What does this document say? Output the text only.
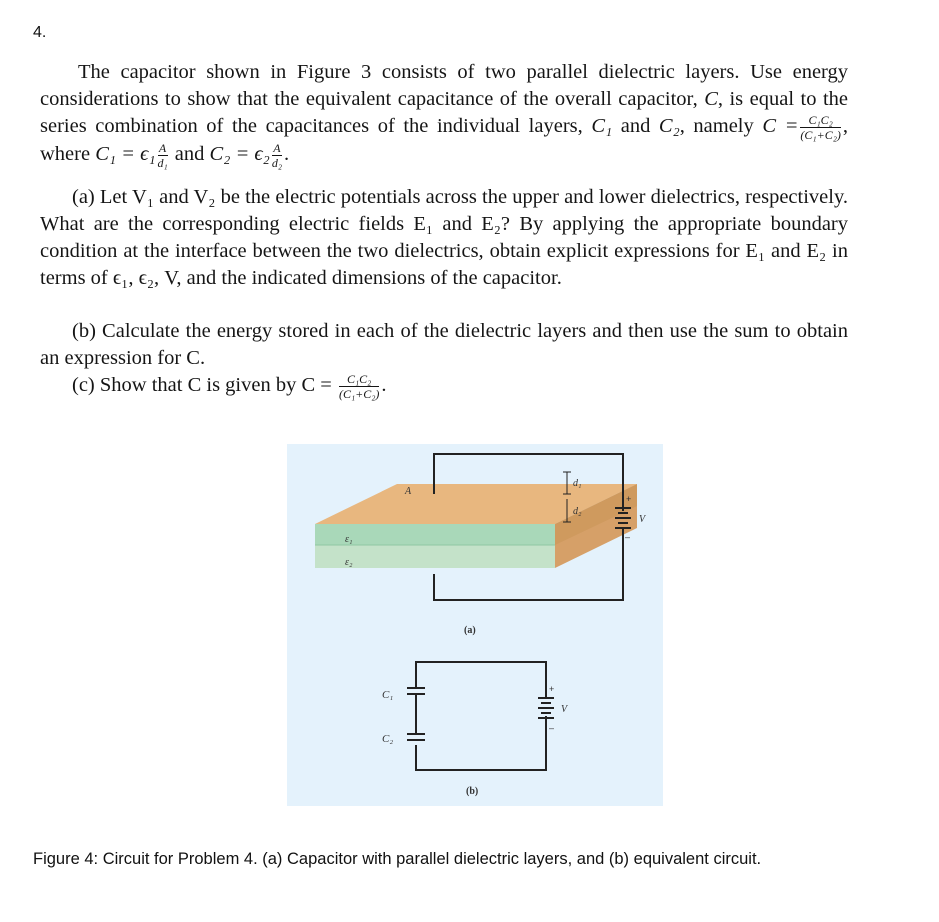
4.

The capacitor shown in Figure 3 consists of two parallel dielectric layers. Use energy considerations to show that the equivalent capacitance of the overall capacitor, C, is equal to the series combination of the capacitances of the individual layers, C₁ and C₂, namely $C = \frac{\text{C₁C₂}}{\text{(C₁+C₂)}}$ , where $C_1 = \epsilon_1 \frac{A}{\text{d₁}}$ and $C_2 = \epsilon_2 \frac{A}{\text{d₂}}$ .

(a) Let V₁ and V₂ be the electric potentials across the upper and lower dielectrics, respectively. What are the corresponding electric fields E₁ and E₂? By applying the appropriate boundary condition at the interface between the two dielectrics, obtain explicit expressions for E₁ and E₂ in terms of ϵ₁, ϵ₂, V, and the indicated dimensions of the capacitor.

(b) Calculate the energy stored in each of the dielectric layers and then use the sum to obtain an expression for C.

(c) Show that C is given by $C = \frac{\text{C₁C₂}}{\text{(C₁+C₂)}}$ .

A
ε₁
ε₂
d₁
d₂
+
–
V
(a)
C₁
C₂
+
–
V
(b)
Figure 4: Circuit for Problem 4. (a) Capacitor with parallel dielectric layers, and (b) equivalent circuit.
